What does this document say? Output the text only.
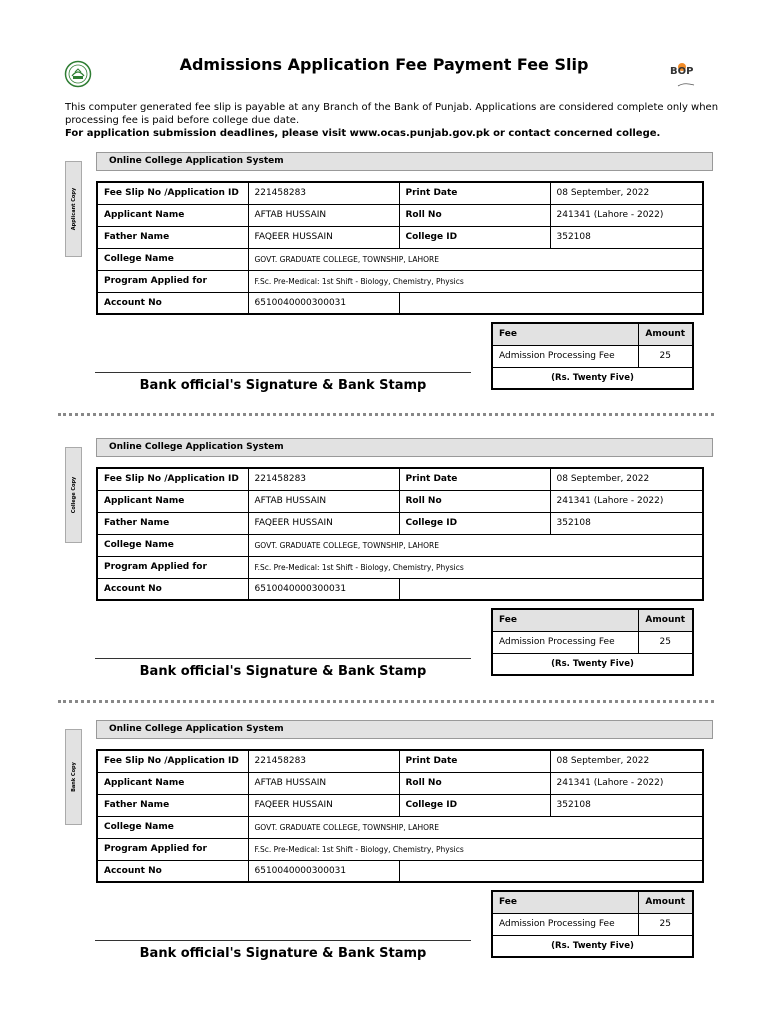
Admissions Application Fee Payment Fee Slip	BOP
This computer generated fee slip is payable at any Branch of the Bank of Punjab. Applications are considered complete only when processing fee is paid before college due date.
For application submission deadlines, please visit www.ocas.punjab.gov.pk or contact concerned college.
Applicant Copy
Online College Application System
Fee Slip No /Application ID	221458283	Print Date	08 September, 2022
Applicant Name	AFTAB HUSSAIN	Roll No	241341 (Lahore - 2022)
Father Name	FAQEER HUSSAIN	College ID	352108
College Name	GOVT. GRADUATE COLLEGE, TOWNSHIP, LAHORE		
Program Applied for	F.Sc. Pre-Medical: 1st Shift - Biology, Chemistry, Physics		
Account No	6510040000300031		
Fee	Amount
Admission Processing Fee	25
(Rs. Twenty Five)	
Bank official's Signature & Bank Stamp
College Copy
Online College Application System
Fee Slip No /Application ID	221458283	Print Date	08 September, 2022
Applicant Name	AFTAB HUSSAIN	Roll No	241341 (Lahore - 2022)
Father Name	FAQEER HUSSAIN	College ID	352108
College Name	GOVT. GRADUATE COLLEGE, TOWNSHIP, LAHORE		
Program Applied for	F.Sc. Pre-Medical: 1st Shift - Biology, Chemistry, Physics		
Account No	6510040000300031		
Fee	Amount
Admission Processing Fee	25
(Rs. Twenty Five)	
Bank official's Signature & Bank Stamp
Bank Copy
Online College Application System
Fee Slip No /Application ID	221458283	Print Date	08 September, 2022
Applicant Name	AFTAB HUSSAIN	Roll No	241341 (Lahore - 2022)
Father Name	FAQEER HUSSAIN	College ID	352108
College Name	GOVT. GRADUATE COLLEGE, TOWNSHIP, LAHORE		
Program Applied for	F.Sc. Pre-Medical: 1st Shift - Biology, Chemistry, Physics		
Account No	6510040000300031		
Fee	Amount
Admission Processing Fee	25
(Rs. Twenty Five)	
Bank official's Signature & Bank Stamp
